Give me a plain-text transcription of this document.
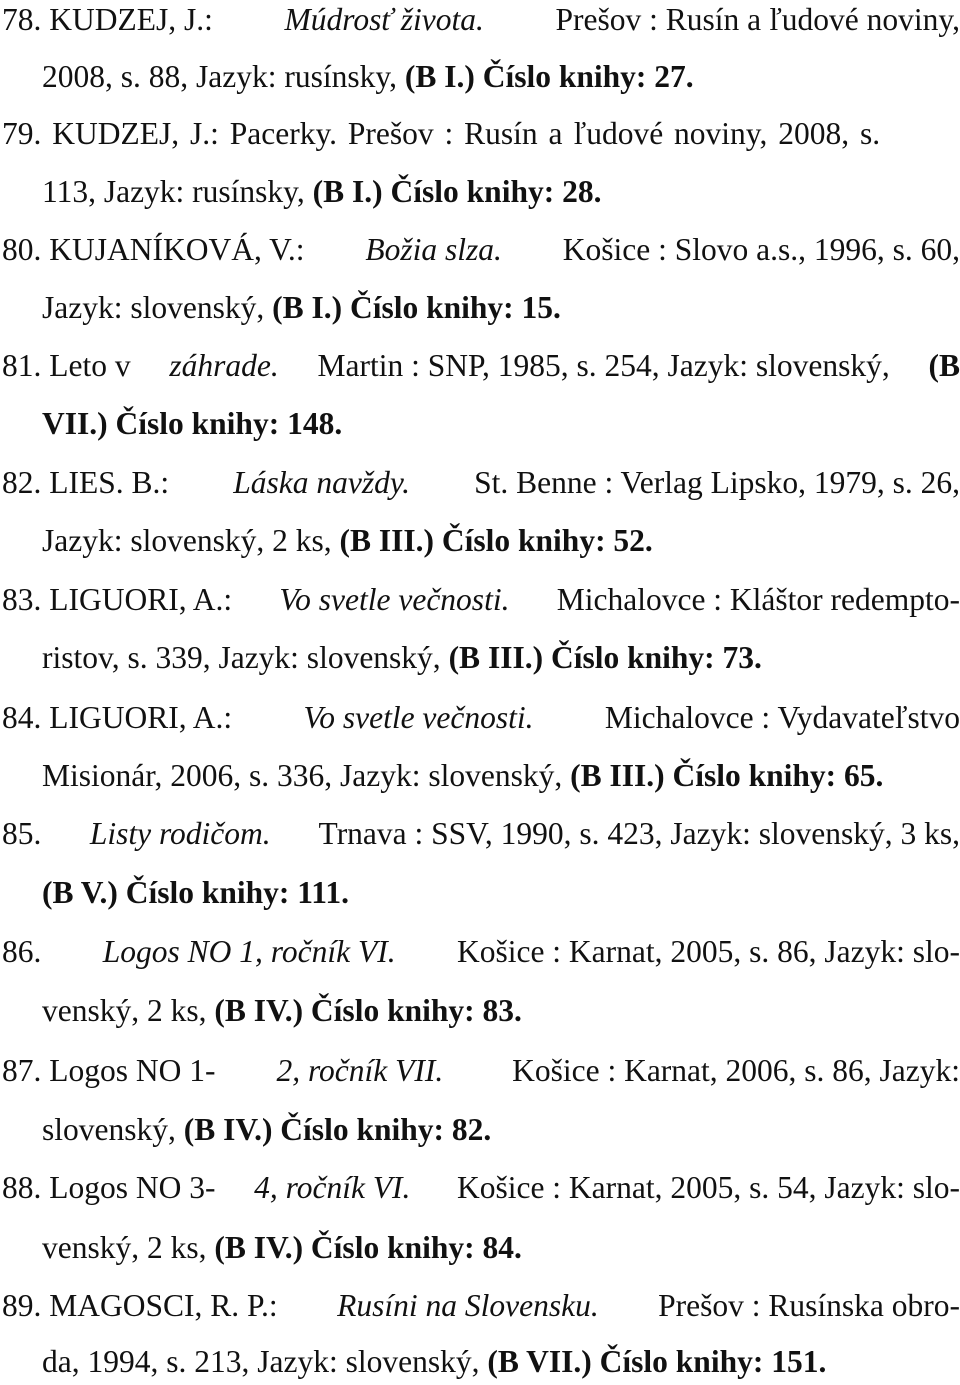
78. KUDZEJ, J.: Múdrosť života. Prešov : Rusín a ľudové noviny,
2008, s. 88, Jazyk: rusínsky, (B I.) Číslo knihy: 27.
79. KUDZEJ, J.: Pacerky. Prešov : Rusín a ľudové noviny, 2008, s.
113, Jazyk: rusínsky, (B I.) Číslo knihy: 28.
80. KUJANÍKOVÁ, V.: Božia slza. Košice : Slovo a.s., 1996, s. 60,
Jazyk: slovenský, (B I.) Číslo knihy: 15.
81. Leto v záhrade. Martin : SNP, 1985, s. 254, Jazyk: slovenský, (B
VII.) Číslo knihy: 148.
82. LIES. B.: Láska navždy. St. Benne : Verlag Lipsko, 1979, s. 26,
Jazyk: slovenský, 2 ks, (B III.) Číslo knihy: 52.
83. LIGUORI, A.: Vo svetle večnosti. Michalovce : Kláštor redempto-
ristov, s. 339, Jazyk: slovenský, (B III.) Číslo knihy: 73.
84. LIGUORI, A.: Vo svetle večnosti. Michalovce : Vydavateľstvo
Misionár, 2006, s. 336, Jazyk: slovenský, (B III.) Číslo knihy: 65.
85. Listy rodičom. Trnava : SSV, 1990, s. 423, Jazyk: slovenský, 3 ks,
(B V.) Číslo knihy: 111.
86. Logos NO 1, ročník VI. Košice : Karnat, 2005, s. 86, Jazyk: slo-
venský, 2 ks, (B IV.) Číslo knihy: 83.
87. Logos NO 1- 2, ročník VII. Košice : Karnat, 2006, s. 86, Jazyk:
slovenský, (B IV.) Číslo knihy: 82.
88. Logos NO 3- 4, ročník VI. Košice : Karnat, 2005, s. 54, Jazyk: slo-
venský, 2 ks, (B IV.) Číslo knihy: 84.
89. MAGOSCI, R. P.: Rusíni na Slovensku. Prešov : Rusínska obro-
da, 1994, s. 213, Jazyk: slovenský, (B VII.) Číslo knihy: 151.
